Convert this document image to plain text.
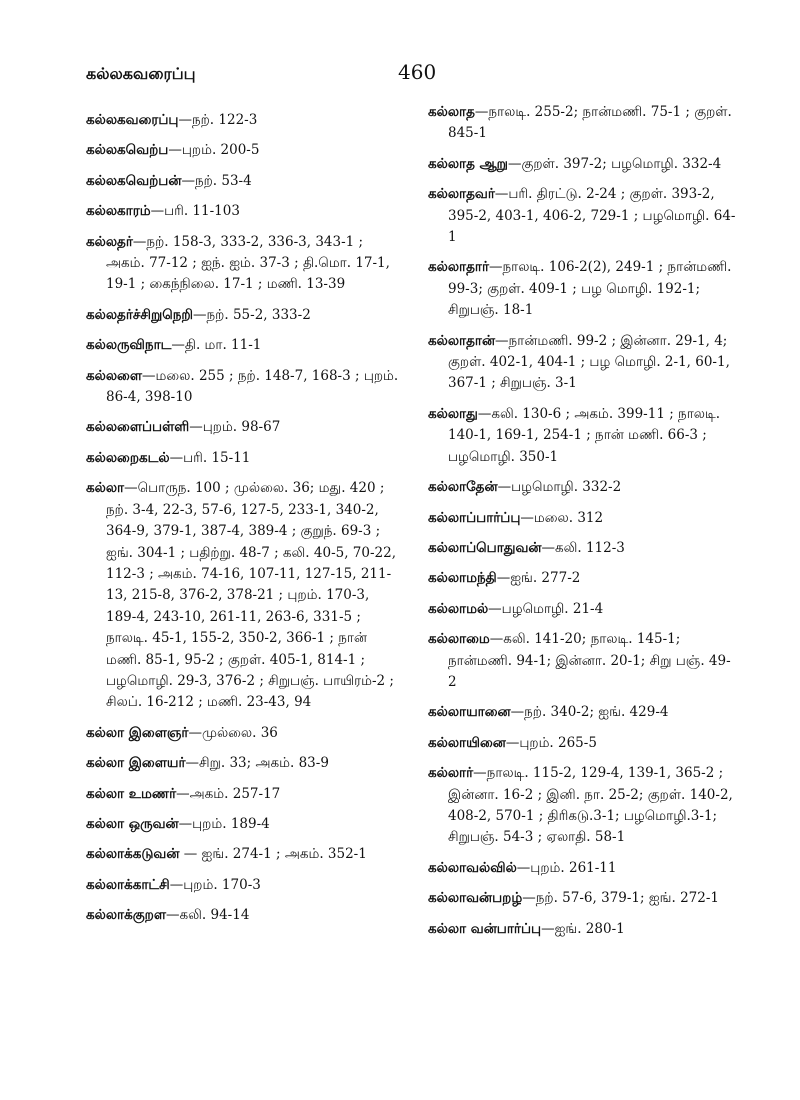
கல்லகவரைப்பு	460
கல்லகவரைப்பு—நற். 122-3
கல்லகவெற்ப—புறம். 200-5
கல்லகவெற்பன்—நற். 53-4
கல்லகாரம்—பரி. 11-103
கல்லதர்—நற். 158-3, 333-2, 336-3, 343-1 ; அகம். 77-12 ; ஐந். ஐம். 37-3 ; தி.மொ. 17-1, 19-1 ; கைந்நிலை. 17-1 ; மணி. 13-39
கல்லதர்ச்சிறுநெறி—நற். 55-2, 333-2
கல்லருவிநாட—தி. மா. 11-1
கல்லளை—மலை. 255 ; நற். 148-7, 168-3 ; புறம். 86-4, 398-10
கல்லளைப்பள்ளி—புறம். 98-67
கல்லறைகடல்—பரி. 15-11
கல்லா—பொருந. 100 ; முல்லை. 36; மது. 420 ; நற். 3-4, 22-3, 57-6, 127-5, 233-1, 340-2, 364-9, 379-1, 387-4, 389-4 ; குறுந். 69-3 ; ஐங். 304-1 ; பதிற்று. 48-7 ; கலி. 40-5, 70-22, 112-3 ; அகம். 74-16, 107-11, 127-15, 211-13, 215-8, 376-2, 378-21 ; புறம். 170-3, 189-4, 243-10, 261-11, 263-6, 331-5 ; நாலடி. 45-1, 155-2, 350-2, 366-1 ; நான் மணி. 85-1, 95-2 ; குறள். 405-1, 814-1 ; பழமொழி. 29-3, 376-2 ; சிறுபஞ். பாயிரம்-2 ; சிலப். 16-212 ; மணி. 23-43, 94
கல்லா இளைஞர்—முல்லை. 36
கல்லா இளையர்—சிறு. 33; அகம். 83-9
கல்லா உமணர்—அகம். 257-17
கல்லா ஒருவன்—புறம். 189-4
கல்லாக்கடுவன் — ஐங். 274-1 ; அகம். 352-1
கல்லாக்காட்சி—புறம். 170-3
கல்லாக்குறள—கலி. 94-14
கல்லாத—நாலடி. 255-2; நான்மணி. 75-1 ; குறள். 845-1
கல்லாத ஆறு—குறள். 397-2; பழமொழி. 332-4
கல்லாதவர்—பரி. திரட்டு. 2-24 ; குறள். 393-2, 395-2, 403-1, 406-2, 729-1 ; பழமொழி. 64-1
கல்லாதார்—நாலடி. 106-2(2), 249-1 ; நான்மணி. 99-3; குறள். 409-1 ; பழ மொழி. 192-1; சிறுபஞ். 18-1
கல்லாதான்—நான்மணி. 99-2 ; இன்னா. 29-1, 4; குறள். 402-1, 404-1 ; பழ மொழி. 2-1, 60-1, 367-1 ; சிறுபஞ். 3-1
கல்லாது—கலி. 130-6 ; அகம். 399-11 ; நாலடி. 140-1, 169-1, 254-1 ; நான் மணி. 66-3 ; பழமொழி. 350-1
கல்லாதேன்—பழமொழி. 332-2
கல்லாப்பார்ப்பு—மலை. 312
கல்லாப்பொதுவன்—கலி. 112-3
கல்லாமந்தி—ஐங். 277-2
கல்லாமல்—பழமொழி. 21-4
கல்லாமை—கலி. 141-20; நாலடி. 145-1; நான்மணி. 94-1; இன்னா. 20-1; சிறு பஞ். 49-2
கல்லாயானை—நற். 340-2; ஐங். 429-4
கல்லாயினை—புறம். 265-5
கல்லார்—நாலடி. 115-2, 129-4, 139-1, 365-2 ; இன்னா. 16-2 ; இனி. நா. 25-2; குறள். 140-2, 408-2, 570-1 ; திரிகடு.3-1; பழமொழி.3-1; சிறுபஞ். 54-3 ; ஏலாதி. 58-1
கல்லாவல்வில்—புறம். 261-11
கல்லாவன்பறழ்—நற். 57-6, 379-1; ஐங். 272-1
கல்லா வன்பார்ப்பு—ஐங். 280-1
